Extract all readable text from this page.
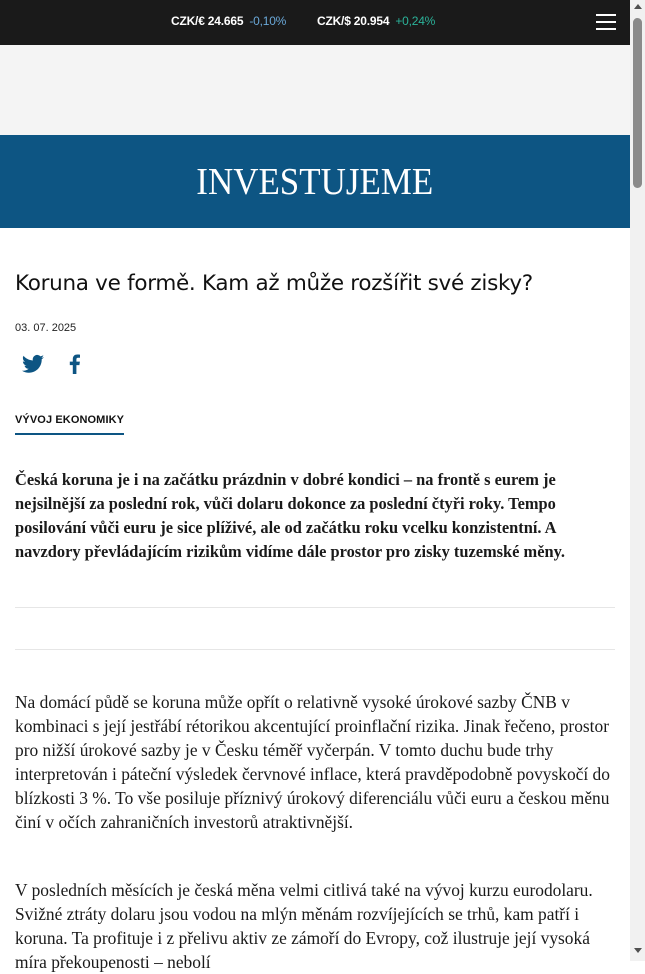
CZK/€ 24.665 -0,10%	CZK/$ 20.954 +0,24%
INVESTUJEME
Koruna ve formě. Kam až může rozšířit své zisky?
03. 07. 2025
VÝVOJ EKONOMIKY

Česká koruna je i na začátku prázdnin v dobré kondici – na frontě s eurem je nejsilnější za poslední rok, vůči dolaru dokonce za poslední čtyři roky. Tempo posilování vůči euru je sice plíživé, ale od začátku roku vcelku konzistentní. A navzdory převládajícím rizikům vidíme dále prostor pro zisky tuzemské měny.

Na domácí půdě se koruna může opřít o relativně vysoké úrokové sazby ČNB v kombinaci s její jestřábí rétorikou akcentující proinflační rizika. Jinak řečeno, prostor pro nižší úrokové sazby je v Česku téměř vyčerpán. V tomto duchu bude trhy interpretován i páteční výsledek červnové inflace, která pravděpodobně povyskočí do blízkosti 3 %. To vše posiluje příznivý úrokový diferenciálu vůči euru a českou měnu činí v očích zahraničních investorů atraktivnější.

V posledních měsících je česká měna velmi citlivá také na vývoj kurzu eurodolaru. Svižné ztráty dolaru jsou vodou na mlýn měnám rozvíjejících se trhů, kam patří i koruna. Ta profituje i z přelivu aktiv ze zámoří do Evropy, což ilustruje její vysoká míra překoupenosti – nebolí
